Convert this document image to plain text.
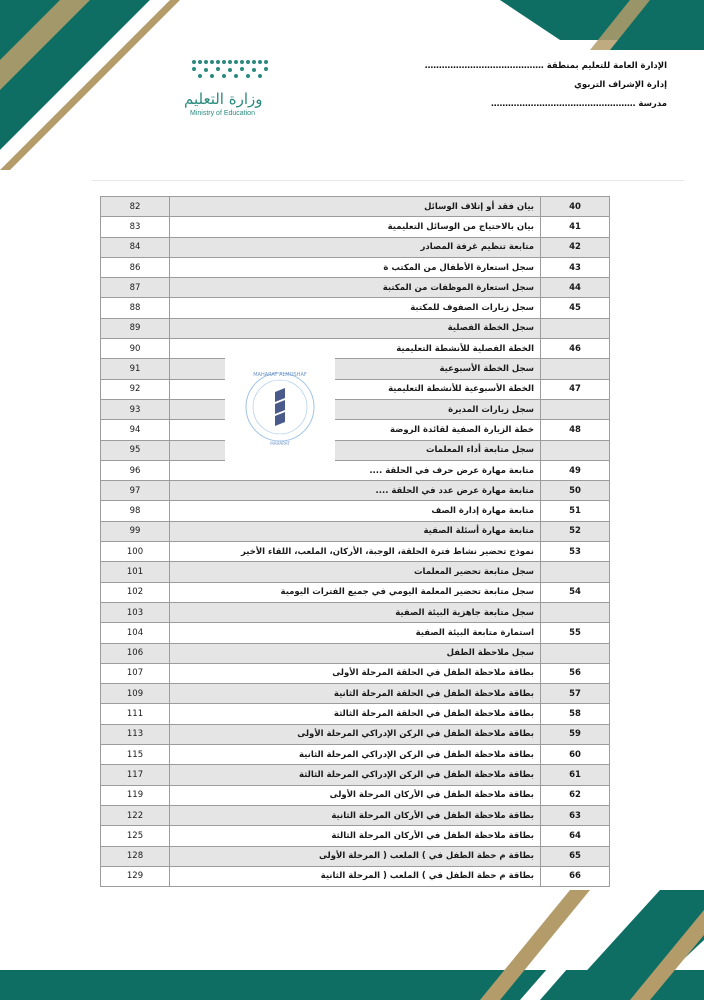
وزارة التعليم
Ministry of Education
الإدارة العامة للتعليم بمنطقة ……………………………………
إدارة الإشراف التربوي
مدرسة ……………………………………………
40	بيان فقد أو إتلاف الوسائل	82
41	بيان بالاحتياج من الوسائل التعليمية	83
42	متابعة تنظيم غرفة المصادر	84
43	سجل استعارة الأطفال من المكتب ة	86
44	سجل استعارة الموظفات من المكتبة	87
45	سجل زيارات الصفوف للمكتبة	88
	سجل الخطة الفصلية	89
46	الخطة الفصلية للأنشطة التعليمية	90
	سجل الخطة الأسبوعية	91
47	الخطة الأسبوعية للأنشطة التعليمية	92
	سجل زيارات المديرة	93
48	خطة الزيارة الصفية لقائدة الروضة	94
	سجل متابعة أداء المعلمات	95
49	متابعة مهارة عرض حرف في الحلقة ....	96
50	متابعة مهارة عرض عدد في الحلقة ....	97
51	متابعة مهارة إدارة الصف	98
52	متابعة مهارة أسئلة الصفية	99
53	نموذج تحضير نشاط فترة الحلقة، الوجبة، الأركان، الملعب، اللقاء الأخير	100
	سجل متابعة تحضير المعلمات	101
54	سجل متابعة تحضير المعلمة اليومي في جميع الفترات اليومية	102
	سجل متابعة جاهزية البيئة الصفية	103
55	استمارة متابعة البيئة الصفية	104
	سجل ملاحظة الطفل	106
56	بطاقة ملاحظة الطفل في الحلقة المرحلة الأولى	107
57	بطاقة ملاحظة الطفل في الحلقة المرحلة الثانية	109
58	بطاقة ملاحظة الطفل في الحلقة المرحلة الثالثة	111
59	بطاقة ملاحظة الطفل في الركن الإدراكي المرحلة الأولى	113
60	بطاقة ملاحظة الطفل في الركن الإدراكي المرحلة الثانية	115
61	بطاقة ملاحظة الطفل في الركن الإدراكي المرحلة الثالثة	117
62	بطاقة ملاحظة الطفل في الأركان المرحلة الأولى	119
63	بطاقة ملاحظة الطفل في الأركان المرحلة الثانية	122
64	بطاقة ملاحظة الطفل في الأركان المرحلة الثالثة	125
65	بطاقة م حظة الطفل في ) الملعب ( المرحلة الأولى	128
66	بطاقة م حظة الطفل في ) الملعب ( المرحلة الثانية	129
MAHARAT ALMOSHAF
MAHARAT
